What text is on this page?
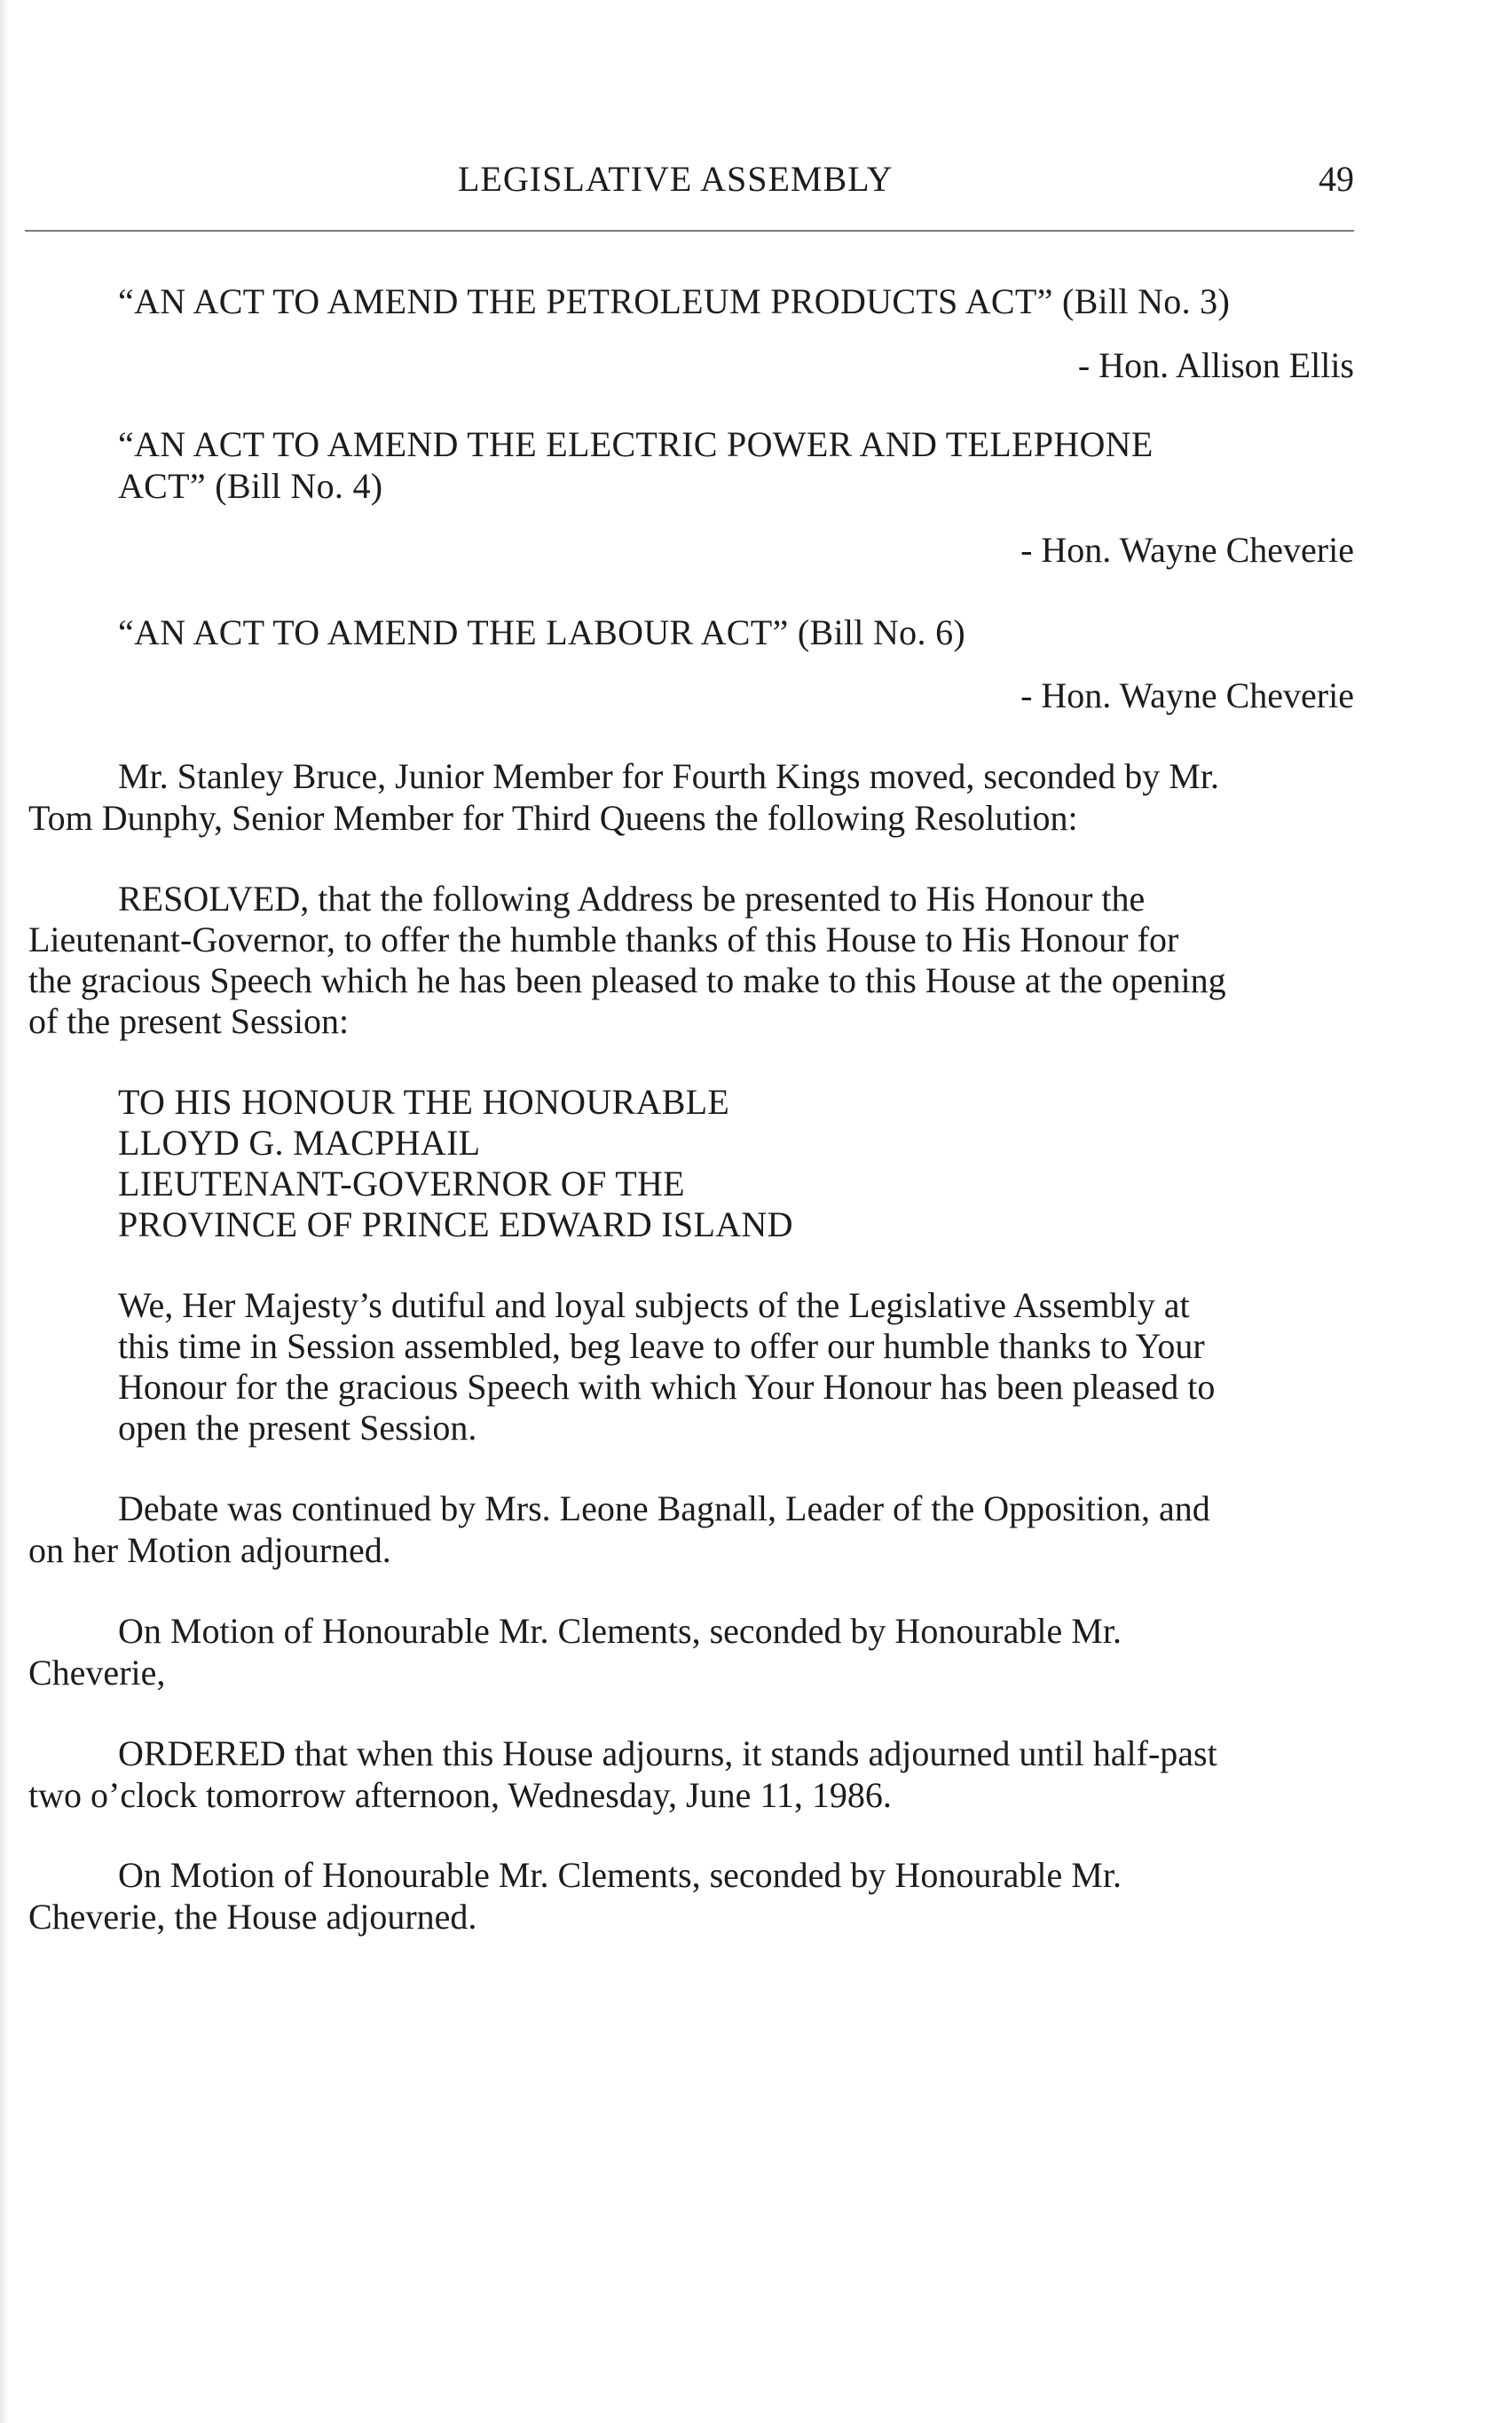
LEGISLATIVE ASSEMBLY	49
“AN ACT TO AMEND THE PETROLEUM PRODUCTS ACT” (Bill No. 3)
- Hon. Allison Ellis
“AN ACT TO AMEND THE ELECTRIC POWER AND TELEPHONE
ACT” (Bill No. 4)
- Hon. Wayne Cheverie
“AN ACT TO AMEND THE LABOUR ACT” (Bill No. 6)
- Hon. Wayne Cheverie
Mr. Stanley Bruce, Junior Member for Fourth Kings moved, seconded by Mr.
Tom Dunphy, Senior Member for Third Queens the following Resolution:
RESOLVED, that the following Address be presented to His Honour the
Lieutenant-Governor, to offer the humble thanks of this House to His Honour for
the gracious Speech which he has been pleased to make to this House at the opening
of the present Session:
TO HIS HONOUR THE HONOURABLE
LLOYD G. MACPHAIL
LIEUTENANT-GOVERNOR OF THE
PROVINCE OF PRINCE EDWARD ISLAND
We, Her Majesty’s dutiful and loyal subjects of the Legislative Assembly at
this time in Session assembled, beg leave to offer our humble thanks to Your
Honour for the gracious Speech with which Your Honour has been pleased to
open the present Session.
Debate was continued by Mrs. Leone Bagnall, Leader of the Opposition, and
on her Motion adjourned.
On Motion of Honourable Mr. Clements, seconded by Honourable Mr.
Cheverie,
ORDERED that when this House adjourns, it stands adjourned until half-past
two o’clock tomorrow afternoon, Wednesday, June 11, 1986.
On Motion of Honourable Mr. Clements, seconded by Honourable Mr.
Cheverie, the House adjourned.
